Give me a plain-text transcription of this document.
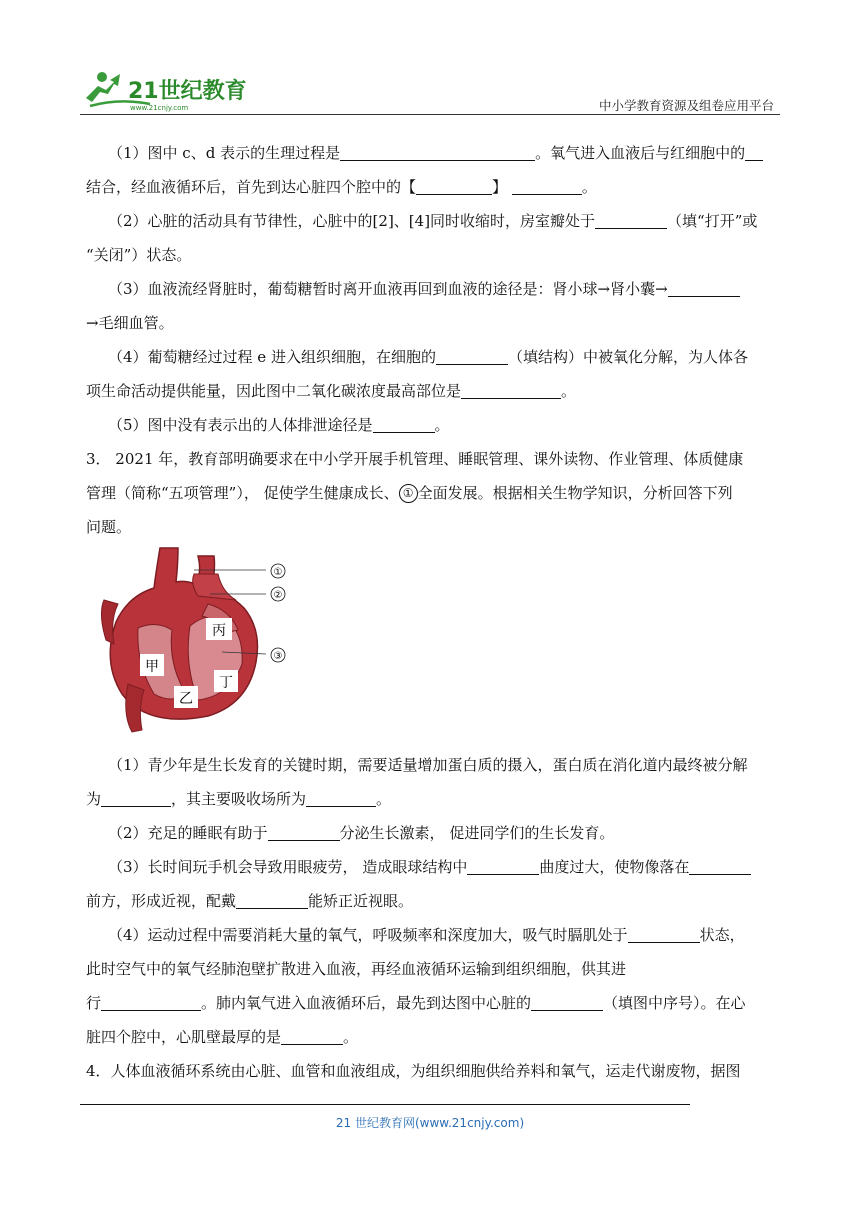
21世纪教育
www.21cnjy.com	中小学教育资源及组卷应用平台

（1）图中 c、d 表示的生理过程是	。氧气进入血液后与红细胞中的

结合，经血液循环后，首先到达心脏四个腔中的【	】	。

（2）心脏的活动具有节律性，心脏中的[2]、[4]同时收缩时，房室瓣处于	（填“打开”或

“关闭”）状态。

（3）血液流经肾脏时，葡萄糖暂时离开血液再回到血液的途径是：肾小球→肾小囊→

→毛细血管。

（4）葡萄糖经过过程 e 进入组织细胞，在细胞的	（填结构）中被氧化分解，为人体各

项生命活动提供能量，因此图中二氧化碳浓度最高部位是	。

（5）图中没有表示出的人体排泄途径是	。

3． 2021 年，教育部明确要求在中小学开展手机管理、睡眠管理、课外读物、作业管理、体质健康

管理（简称“五项管理”）， 促使学生健康成长、 ① 全面发展。根据相关生物学知识，分析回答下列

问题。

（1）青少年是生长发育的关键时期，需要适量增加蛋白质的摄入，蛋白质在消化道内最终被分解

为	，其主要吸收场所为	。

（2）充足的睡眠有助于	分泌生长激素， 促进同学们的生长发育。

（3）长时间玩手机会导致用眼疲劳， 造成眼球结构中	曲度过大，使物像落在

前方，形成近视，配戴	能矫正近视眼。

（4）运动过程中需要消耗大量的氧气，呼吸频率和深度加大，吸气时膈肌处于	状态，

此时空气中的氧气经肺泡壁扩散进入血液，再经血液循环运输到组织细胞，供其进

行	。肺内氧气进入血液循环后，最先到达图中心脏的	（填图中序号）。在心

脏四个腔中，心肌壁最厚的是	。

4．人体血液循环系统由心脏、血管和血液组成，为组织细胞供给养料和氧气，运走代谢废物，据图

①
②
丙
③
甲
丁
乙
21 世纪教育网(www.21cnjy.com)
